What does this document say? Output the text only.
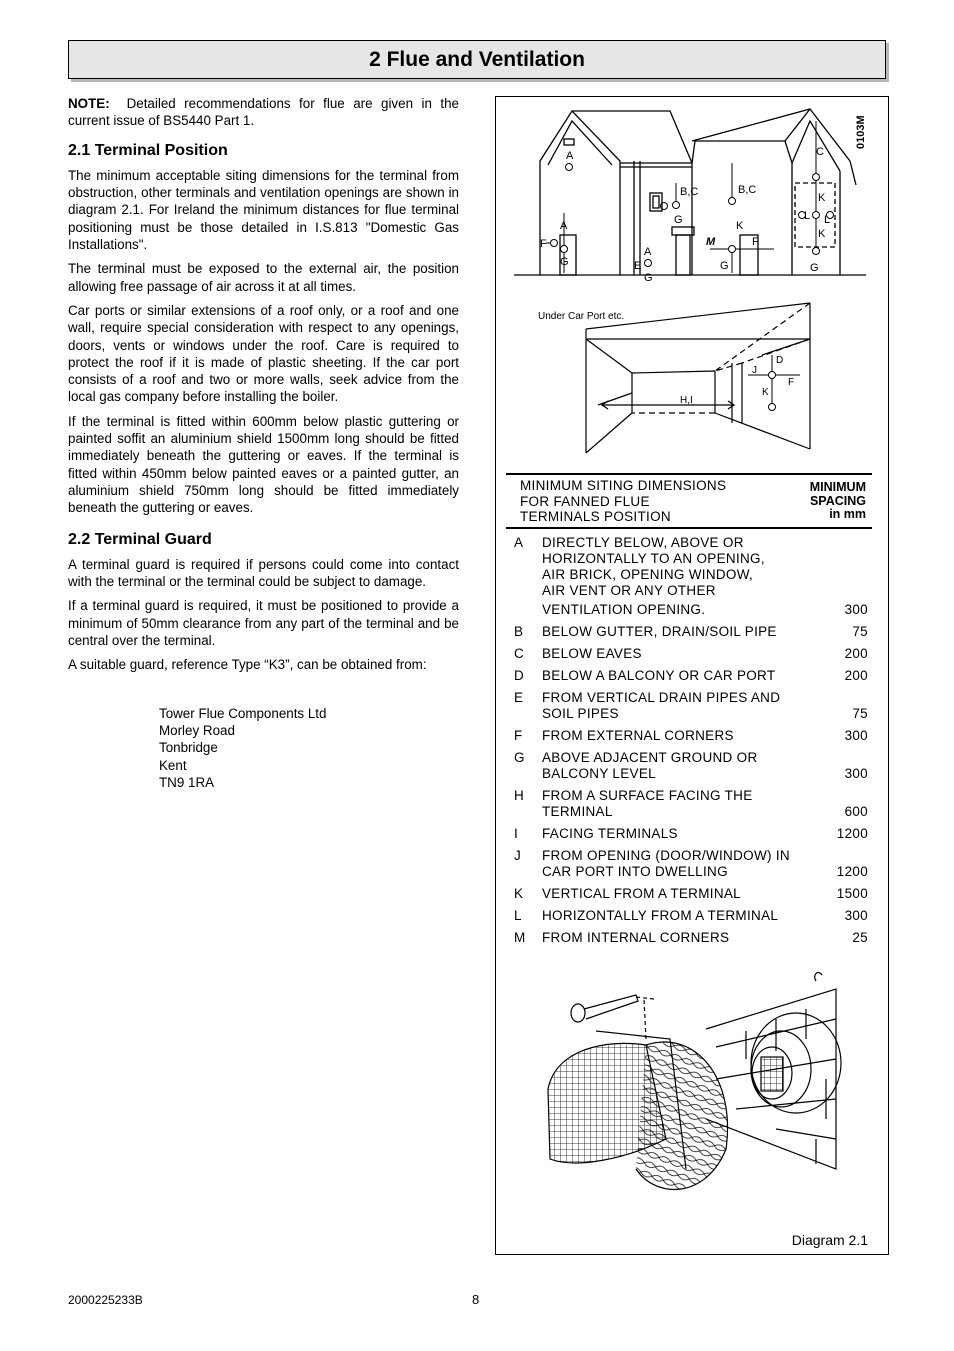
2 Flue and Ventilation

NOTE: Detailed recommendations for flue are given in the current issue of BS5440 Part 1.

2.1 Terminal Position

The minimum acceptable siting dimensions for the terminal from obstruction, other terminals and ventilation openings are shown in diagram 2.1. For Ireland the minimum distances for flue terminal positioning must be those detailed in I.S.813 "Domestic Gas Installations".

The terminal must be exposed to the external air, the position allowing free passage of air across it at all times.

Car ports or similar extensions of a roof only, or a roof and one wall, require special consideration with respect to any openings, doors, vents or windows under the roof. Care is required to protect the roof if it is made of plastic sheeting. If the car port consists of a roof and two or more walls, seek advice from the local gas company before installing the boiler.

If the terminal is fitted within 600mm below plastic guttering or painted soffit an aluminium shield 1500mm long should be fitted immediately beneath the guttering or eaves. If the terminal is fitted within 450mm below painted eaves or a painted gutter, an aluminium shield 750mm long should be fitted immediately beneath the guttering or eaves.

2.2 Terminal Guard

A terminal guard is required if persons could come into contact with the terminal or the terminal could be subject to damage.

If a terminal guard is required, it must be positioned to provide a minimum of 50mm clearance from any part of the terminal and be central over the terminal.

A suitable guard, reference Type “K3”, can be obtained from:

Tower Flue Components Ltd
Morley Road
Tonbridge
Kent
TN9 1RA
A
A
F
G
B,C
G
A
E
G
B,C
K
M	F
G
C
K
L L
K
G
0103M
Under Car Port etc.
D
J
F
K
H,I
MINIMUM SITING DIMENSIONS
FOR FANNED FLUE
TERMINALS POSITION
MINIMUM
SPACING
in mm
A	DIRECTLY BELOW, ABOVE OR
HORIZONTALLY TO AN OPENING,
AIR BRICK, OPENING WINDOW,
AIR VENT OR ANY OTHER
VENTILATION OPENING.	300
B	BELOW GUTTER, DRAIN/SOIL PIPE	75
C	BELOW EAVES	200
D	BELOW A BALCONY OR CAR PORT	200
E	FROM VERTICAL DRAIN PIPES AND
SOIL PIPES	75
F	FROM EXTERNAL CORNERS	300
G	ABOVE ADJACENT GROUND OR
BALCONY LEVEL	300
H	FROM A SURFACE FACING THE
TERMINAL	600
I	FACING TERMINALS	1200
J	FROM OPENING (DOOR/WINDOW) IN
CAR PORT INTO DWELLING	1200
K	VERTICAL FROM A TERMINAL	1500
L	HORIZONTALLY FROM A TERMINAL	300
M	FROM INTERNAL CORNERS	25
Diagram 2.1
2000225233B	8
